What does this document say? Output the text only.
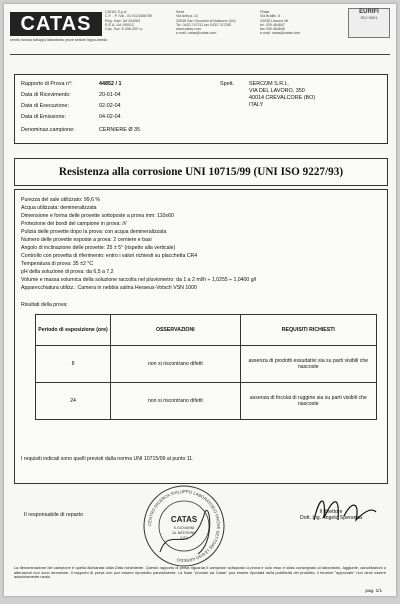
CATAS
centro ricerca sviluppo laboratorio prove settore legno-arredo
CATAS S.p.A.
C.F. - P. IVA - 01 0123456789
Reg. Impr. Ud 204063
R.E.A. Ud 190012
Cap. Soc. € 436.000 i.v.
Sede
Via Antica, 14
33048 San Giovanni al Natisone (Ud)
Tel. 0432.747211 fax 0432.747250
www.catas.com
e-mail: catas@catas.com
Filiale
Via Braille, 5
20038 Lissone Mi
tel. 039.464847
fax 039.464846
e-mail: catas@catas.com
EURIFI
ISO 9001
Rapporto di Prova n°:	44852 / 1
Data di Ricevimento:	20-01-04
Data di Esecuzione:	02-02-04
Data di Emissione:	04-02-04
Denominaz.campione:	CERNIERE Ø 35
Spett.	SERCOM S.R.L.
VIA DEL LAVORO, 350
40014 CREVALCORE (BO)
ITALY
Resistenza alla corrosione UNI 10715/99 (UNI ISO 9227/93)
Purezza del sale utilizzato: 99,6 %
Acqua utilizzata: demineralizzata
Dimensione e forma delle provette sottoposte a prova mm: 110x60
Protezione dei bordi del campione in prova: ///
Pulizia delle provette dopo la prova: con acqua demineralizzata
Numero delle provette esposte a prova: 2 cerniere e basi
Angolo di inclinazione delle provette: 25 ± 5° (rispetto alla verticale)
Controllo con provetta di riferimento: entro i valori richiesti su placchetta CR4
Temperatura di prova: 35 ±2 °C
pH della soluzione di prova: da 6,5 a 7,2
Volume e massa volumica della soluzione raccolta nel pluviometro: da 1 a 2 ml/h ÷ 1,0255 ÷ 1,0400 g/l
Apparecchiatura utilizz.: Camera in nebbia salina Heraeus-Votsch VSN 1000
Risultati della prova:
Periodo di esposizione (ore)	OSSERVAZIONI	REQUISITI RICHIESTI
8	non si riscontrano difetti	assenza di prodotti essudativi sia su parti visibili che nascoste
24	non si riscontrano difetti	assenza di focolai di ruggine sia su parti visibili che nascoste
I requisiti indicati sono quelli previsti dalla norma UNI 10715/99 al punto 11.
Il responsabile di reparto
CENTRO RICERCA SVILUPPO LABORATORIO PROVE SETTORE LEGNO ARREDO
CATAS
S.GIOVANNI
AL NATISONE
(UD)
Il direttore
Dott. Ing. Angelo Speranza
La denominazione del campione è quella dichiarata dalla Ditta richiedente. Questo rapporto di prova riguarda il campione sottoposto a prova e solo esso è stato consegnato al laboratorio. Aggiunte, cancellazioni o alterazioni non sono ammesse. Il rapporto di prova non può essere riprodotto parzialmente. La frase "provato da Catas" può essere riportata nella pubblicità del prodotto; il termine "approvato" non deve essere assolutamente usato.
pag. 1/1
